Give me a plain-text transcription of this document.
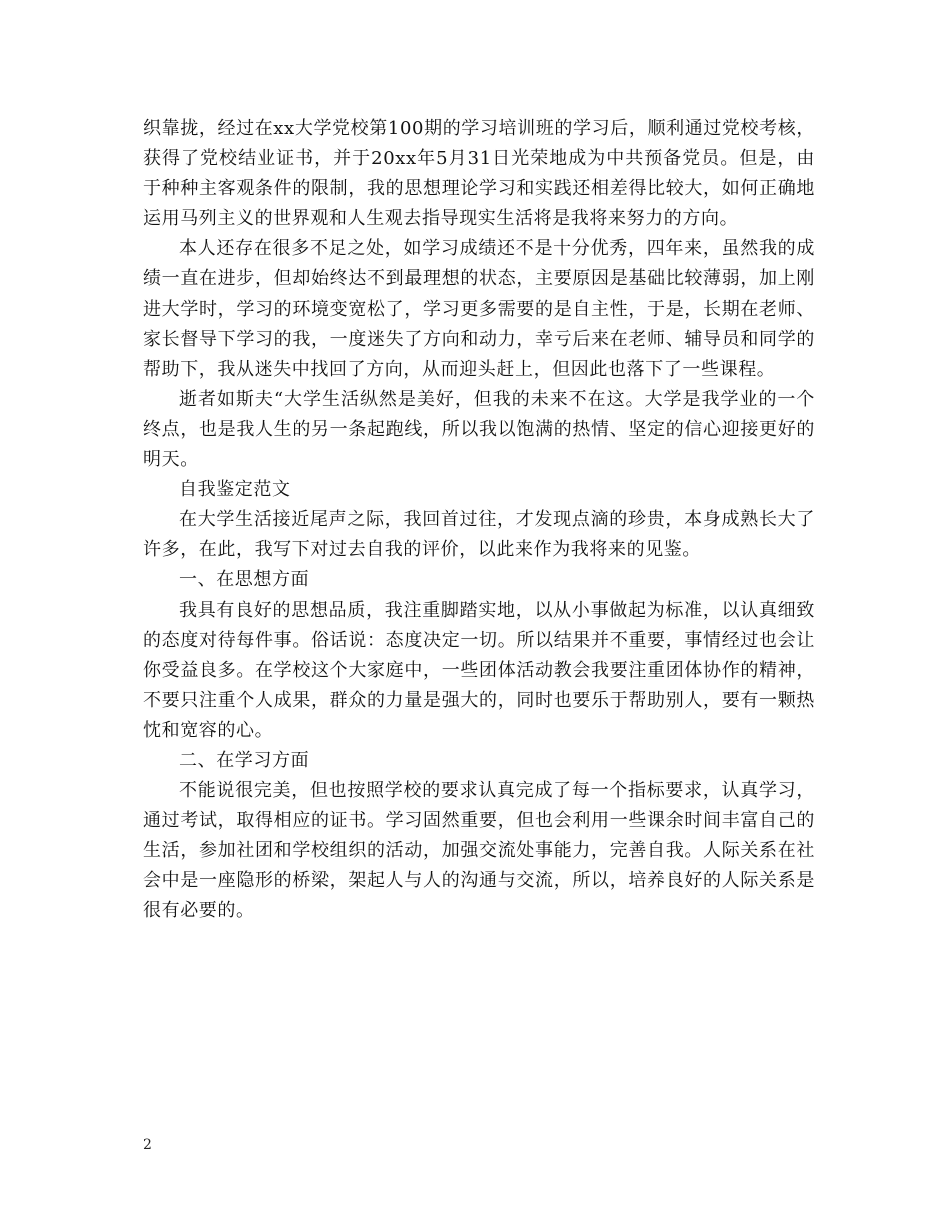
织靠拢，经过在xx大学党校第100期的学习培训班的学习后，顺利通过党校考核，获得了党校结业证书，并于20xx年5月31日光荣地成为中共预备党员。但是，由于种种主客观条件的限制，我的思想理论学习和实践还相差得比较大，如何正确地运用马列主义的世界观和人生观去指导现实生活将是我将来努力的方向。

本人还存在很多不足之处，如学习成绩还不是十分优秀，四年来，虽然我的成绩一直在进步，但却始终达不到最理想的状态，主要原因是基础比较薄弱，加上刚进大学时，学习的环境变宽松了，学习更多需要的是自主性，于是，长期在老师、家长督导下学习的我，一度迷失了方向和动力，幸亏后来在老师、辅导员和同学的帮助下，我从迷失中找回了方向，从而迎头赶上，但因此也落下了一些课程。

逝者如斯夫“大学生活纵然是美好，但我的未来不在这。大学是我学业的一个终点，也是我人生的另一条起跑线，所以我以饱满的热情、坚定的信心迎接更好的明天。

自我鉴定范文

在大学生活接近尾声之际，我回首过往，才发现点滴的珍贵，本身成熟长大了许多，在此，我写下对过去自我的评价，以此来作为我将来的见鉴。

一、在思想方面

我具有良好的思想品质，我注重脚踏实地，以从小事做起为标准，以认真细致的态度对待每件事。俗话说：态度决定一切。所以结果并不重要，事情经过也会让你受益良多。在学校这个大家庭中，一些团体活动教会我要注重团体协作的精神，不要只注重个人成果，群众的力量是强大的，同时也要乐于帮助别人，要有一颗热忱和宽容的心。

二、在学习方面

不能说很完美，但也按照学校的要求认真完成了每一个指标要求，认真学习，通过考试，取得相应的证书。学习固然重要，但也会利用一些课余时间丰富自己的生活，参加社团和学校组织的活动，加强交流处事能力，完善自我。人际关系在社会中是一座隐形的桥梁，架起人与人的沟通与交流，所以，培养良好的人际关系是很有必要的。

2
